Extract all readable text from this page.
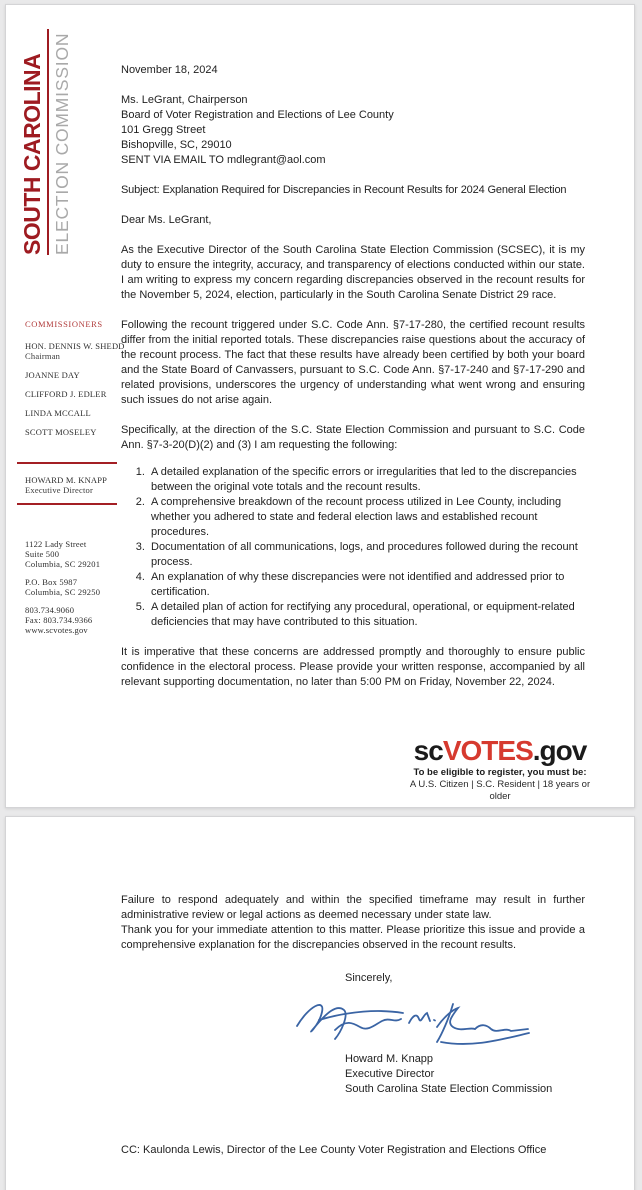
SOUTH CAROLINA ELECTION COMMISSION
COMMISSIONERS
HON. DENNIS W. SHEDD
Chairman
JOANNE DAY
CLIFFORD J. EDLER
LINDA MCCALL
SCOTT MOSELEY
HOWARD M. KNAPP
Executive Director
1122 Lady Street
Suite 500
Columbia, SC 29201
P.O. Box 5987
Columbia, SC 29250
803.734.9060
Fax: 803.734.9366
www.scvotes.gov
November 18, 2024
Ms. LeGrant, Chairperson
Board of Voter Registration and Elections of Lee County
101 Gregg Street
Bishopville, SC, 29010
SENT VIA EMAIL TO mdlegrant@aol.com
Subject: Explanation Required for Discrepancies in Recount Results for 2024 General Election
Dear Ms. LeGrant,
As the Executive Director of the South Carolina State Election Commission (SCSEC), it is my duty to ensure the integrity, accuracy, and transparency of elections conducted within our state. I am writing to express my concern regarding discrepancies observed in the recount results for the November 5, 2024, election, particularly in the South Carolina Senate District 29 race.
Following the recount triggered under S.C. Code Ann. §7-17-280, the certified recount results differ from the initial reported totals. These discrepancies raise questions about the accuracy of the recount process. The fact that these results have already been certified by both your board and the State Board of Canvassers, pursuant to S.C. Code Ann. §7-17-240 and §7-17-290 and related provisions, underscores the urgency of understanding what went wrong and ensuring such issues do not arise again.
Specifically, at the direction of the S.C. State Election Commission and pursuant to S.C. Code Ann. §7-3-20(D)(2) and (3) I am requesting the following:
1. A detailed explanation of the specific errors or irregularities that led to the discrepancies between the original vote totals and the recount results.
2. A comprehensive breakdown of the recount process utilized in Lee County, including whether you adhered to state and federal election laws and established recount procedures.
3. Documentation of all communications, logs, and procedures followed during the recount process.
4. An explanation of why these discrepancies were not identified and addressed prior to certification.
5. A detailed plan of action for rectifying any procedural, operational, or equipment-related deficiencies that may have contributed to this situation.
It is imperative that these concerns are addressed promptly and thoroughly to ensure public confidence in the electoral process. Please provide your written response, accompanied by all relevant supporting documentation, no later than 5:00 PM on Friday, November 22, 2024.
scVOTES.gov
To be eligible to register, you must be:
A U.S. Citizen | S.C. Resident | 18 years or older
Failure to respond adequately and within the specified timeframe may result in further administrative review or legal actions as deemed necessary under state law.
Thank you for your immediate attention to this matter. Please prioritize this issue and provide a comprehensive explanation for the discrepancies observed in the recount results.
Sincerely,
Howard M. Knapp
Executive Director
South Carolina State Election Commission
CC: Kaulonda Lewis, Director of the Lee County Voter Registration and Elections Office
